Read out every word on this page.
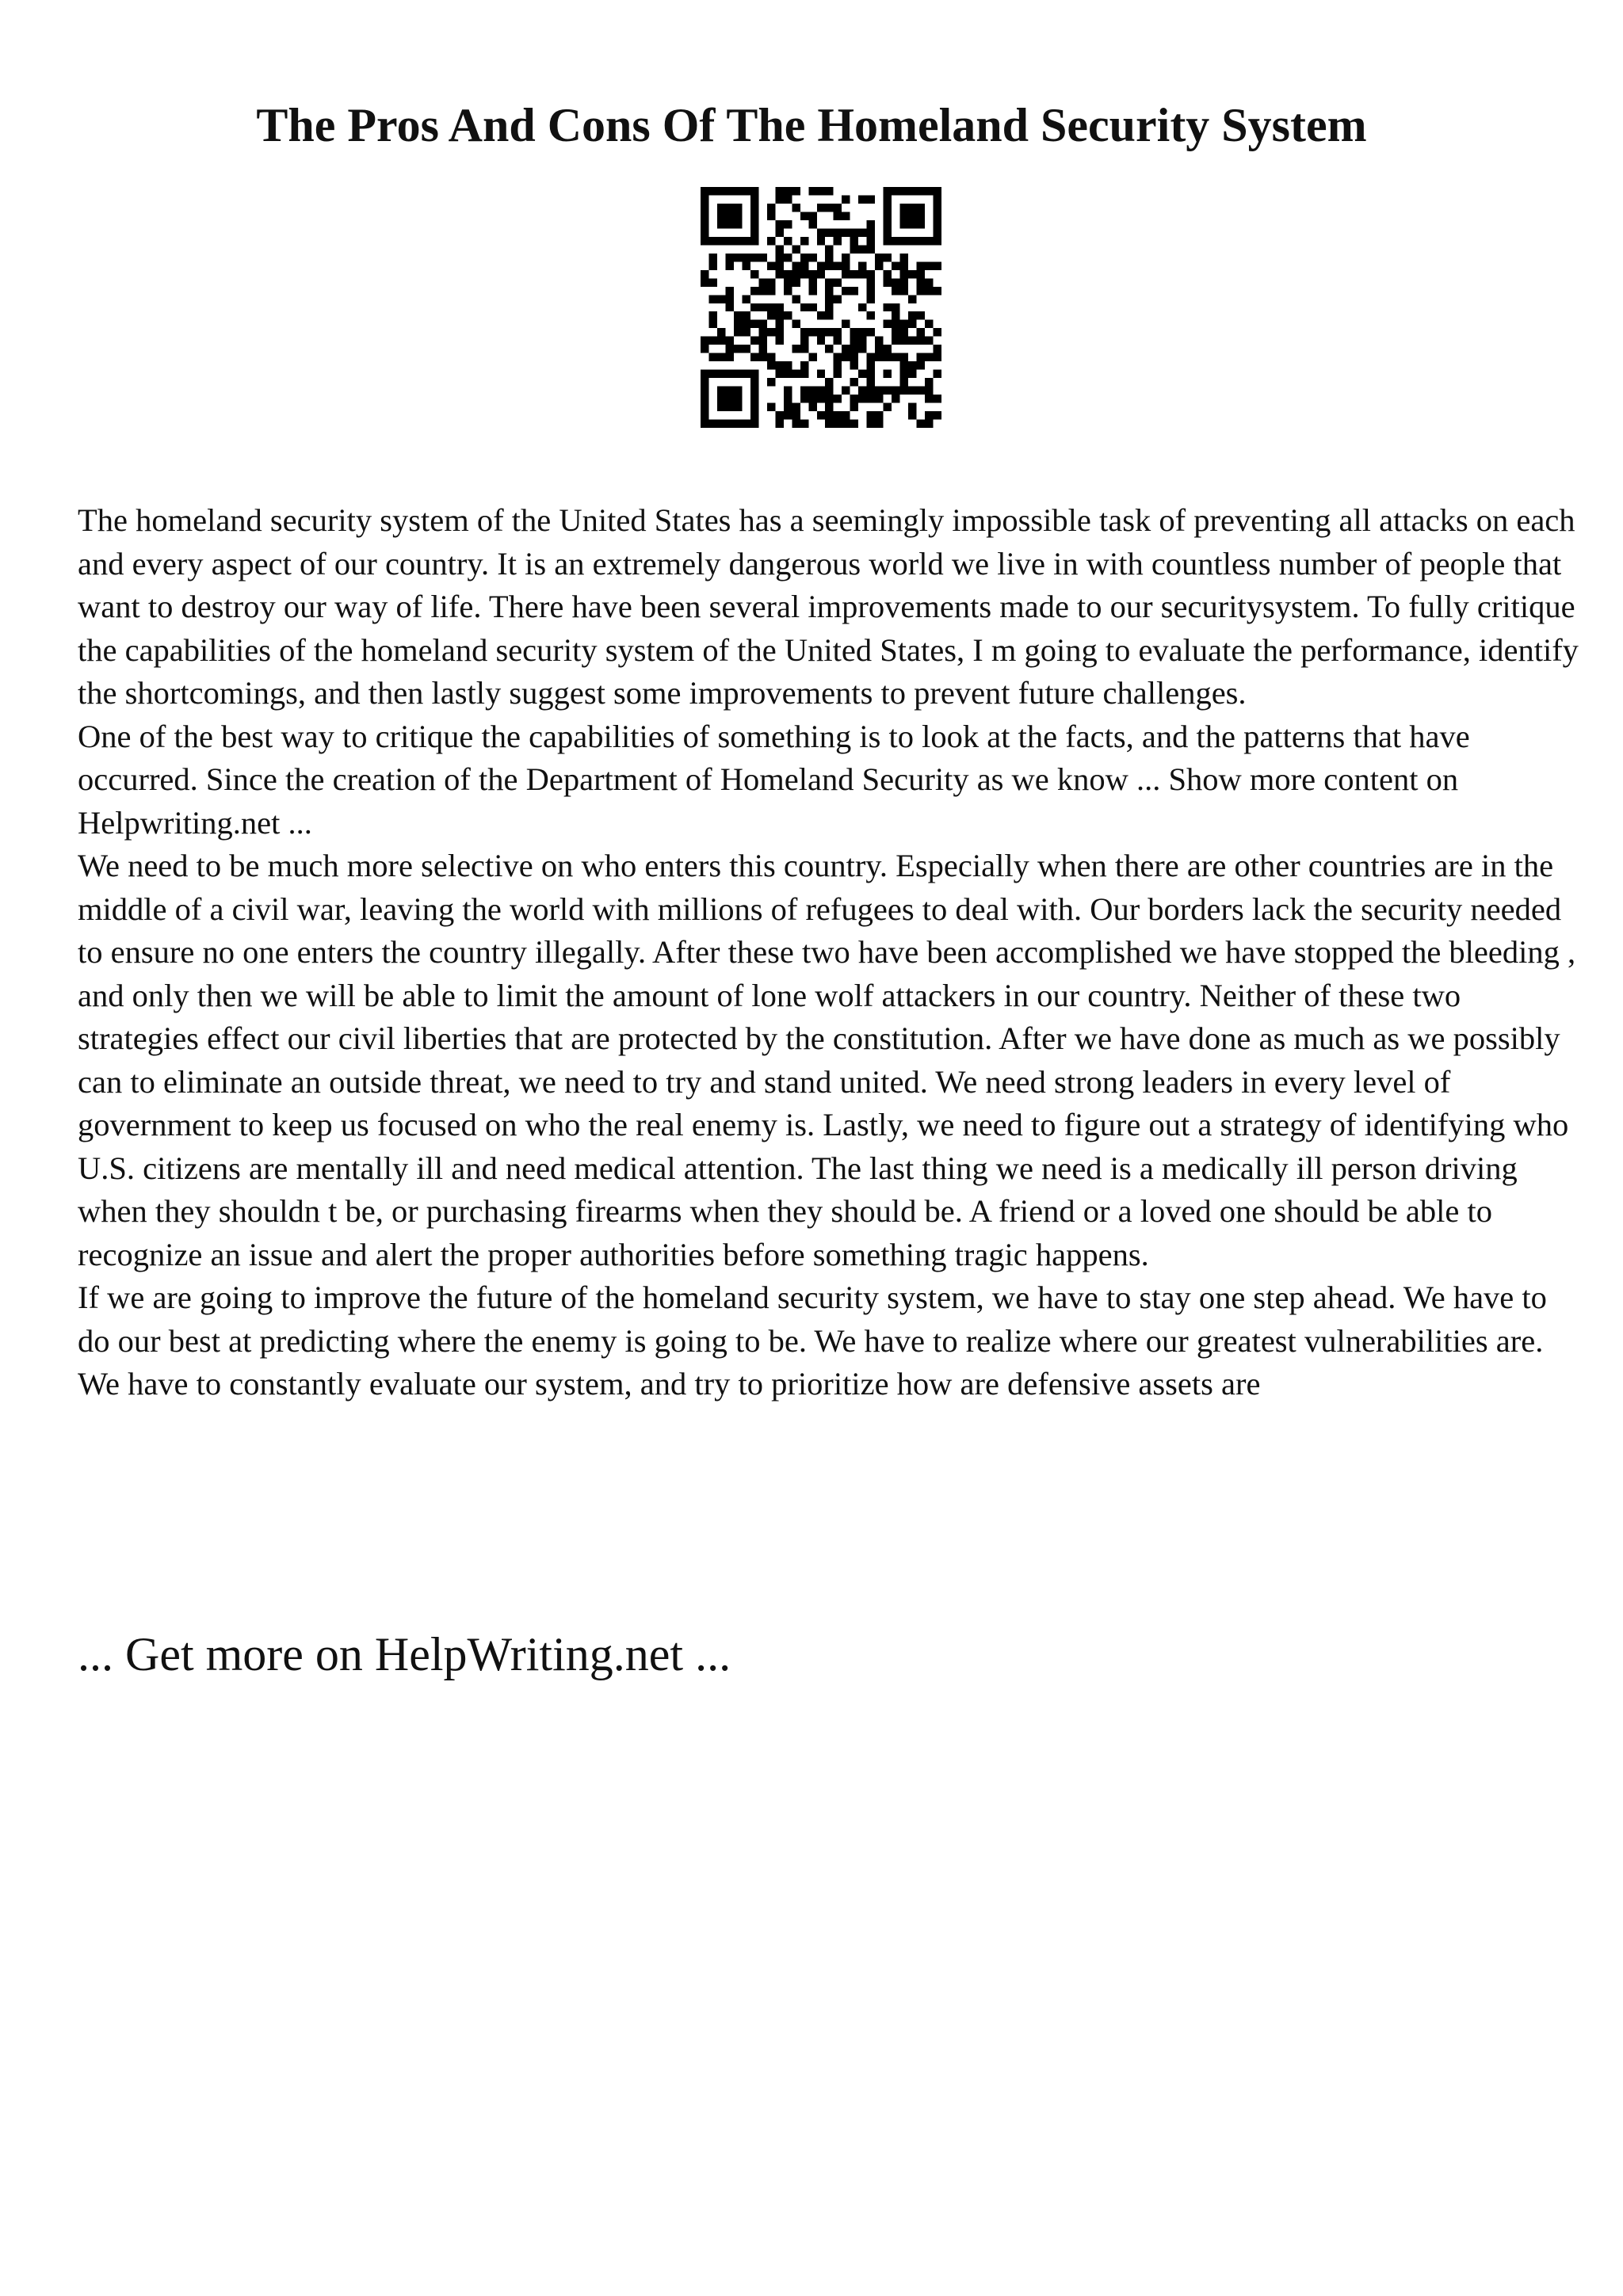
The Pros And Cons Of The Homeland Security System

The homeland security system of the United States has a seemingly impossible task of preventing all attacks on each and every aspect of our country. It is an extremely dangerous world we live in with countless number of people that want to destroy our way of life. There have been several improvements made to our securitysystem. To fully critique the capabilities of the homeland security system of the United States, I m going to evaluate the performance, identify the shortcomings, and then lastly suggest some improvements to prevent future challenges.

One of the best way to critique the capabilities of something is to look at the facts, and the patterns that have occurred. Since the creation of the Department of Homeland Security as we know ... Show more content on Helpwriting.net ...

We need to be much more selective on who enters this country. Especially when there are other countries are in the middle of a civil war, leaving the world with millions of refugees to deal with. Our borders lack the security needed to ensure no one enters the country illegally. After these two have been accomplished we have stopped the bleeding , and only then we will be able to limit the amount of lone wolf attackers in our country. Neither of these two strategies effect our civil liberties that are protected by the constitution. After we have done as much as we possibly can to eliminate an outside threat, we need to try and stand united. We need strong leaders in every level of government to keep us focused on who the real enemy is. Lastly, we need to figure out a strategy of identifying who U.S. citizens are mentally ill and need medical attention. The last thing we need is a medically ill person driving when they shouldn t be, or purchasing firearms when they should be. A friend or a loved one should be able to recognize an issue and alert the proper authorities before something tragic happens.

If we are going to improve the future of the homeland security system, we have to stay one step ahead. We have to do our best at predicting where the enemy is going to be. We have to realize where our greatest vulnerabilities are. We have to constantly evaluate our system, and try to prioritize how are defensive assets are

... Get more on HelpWriting.net ...
